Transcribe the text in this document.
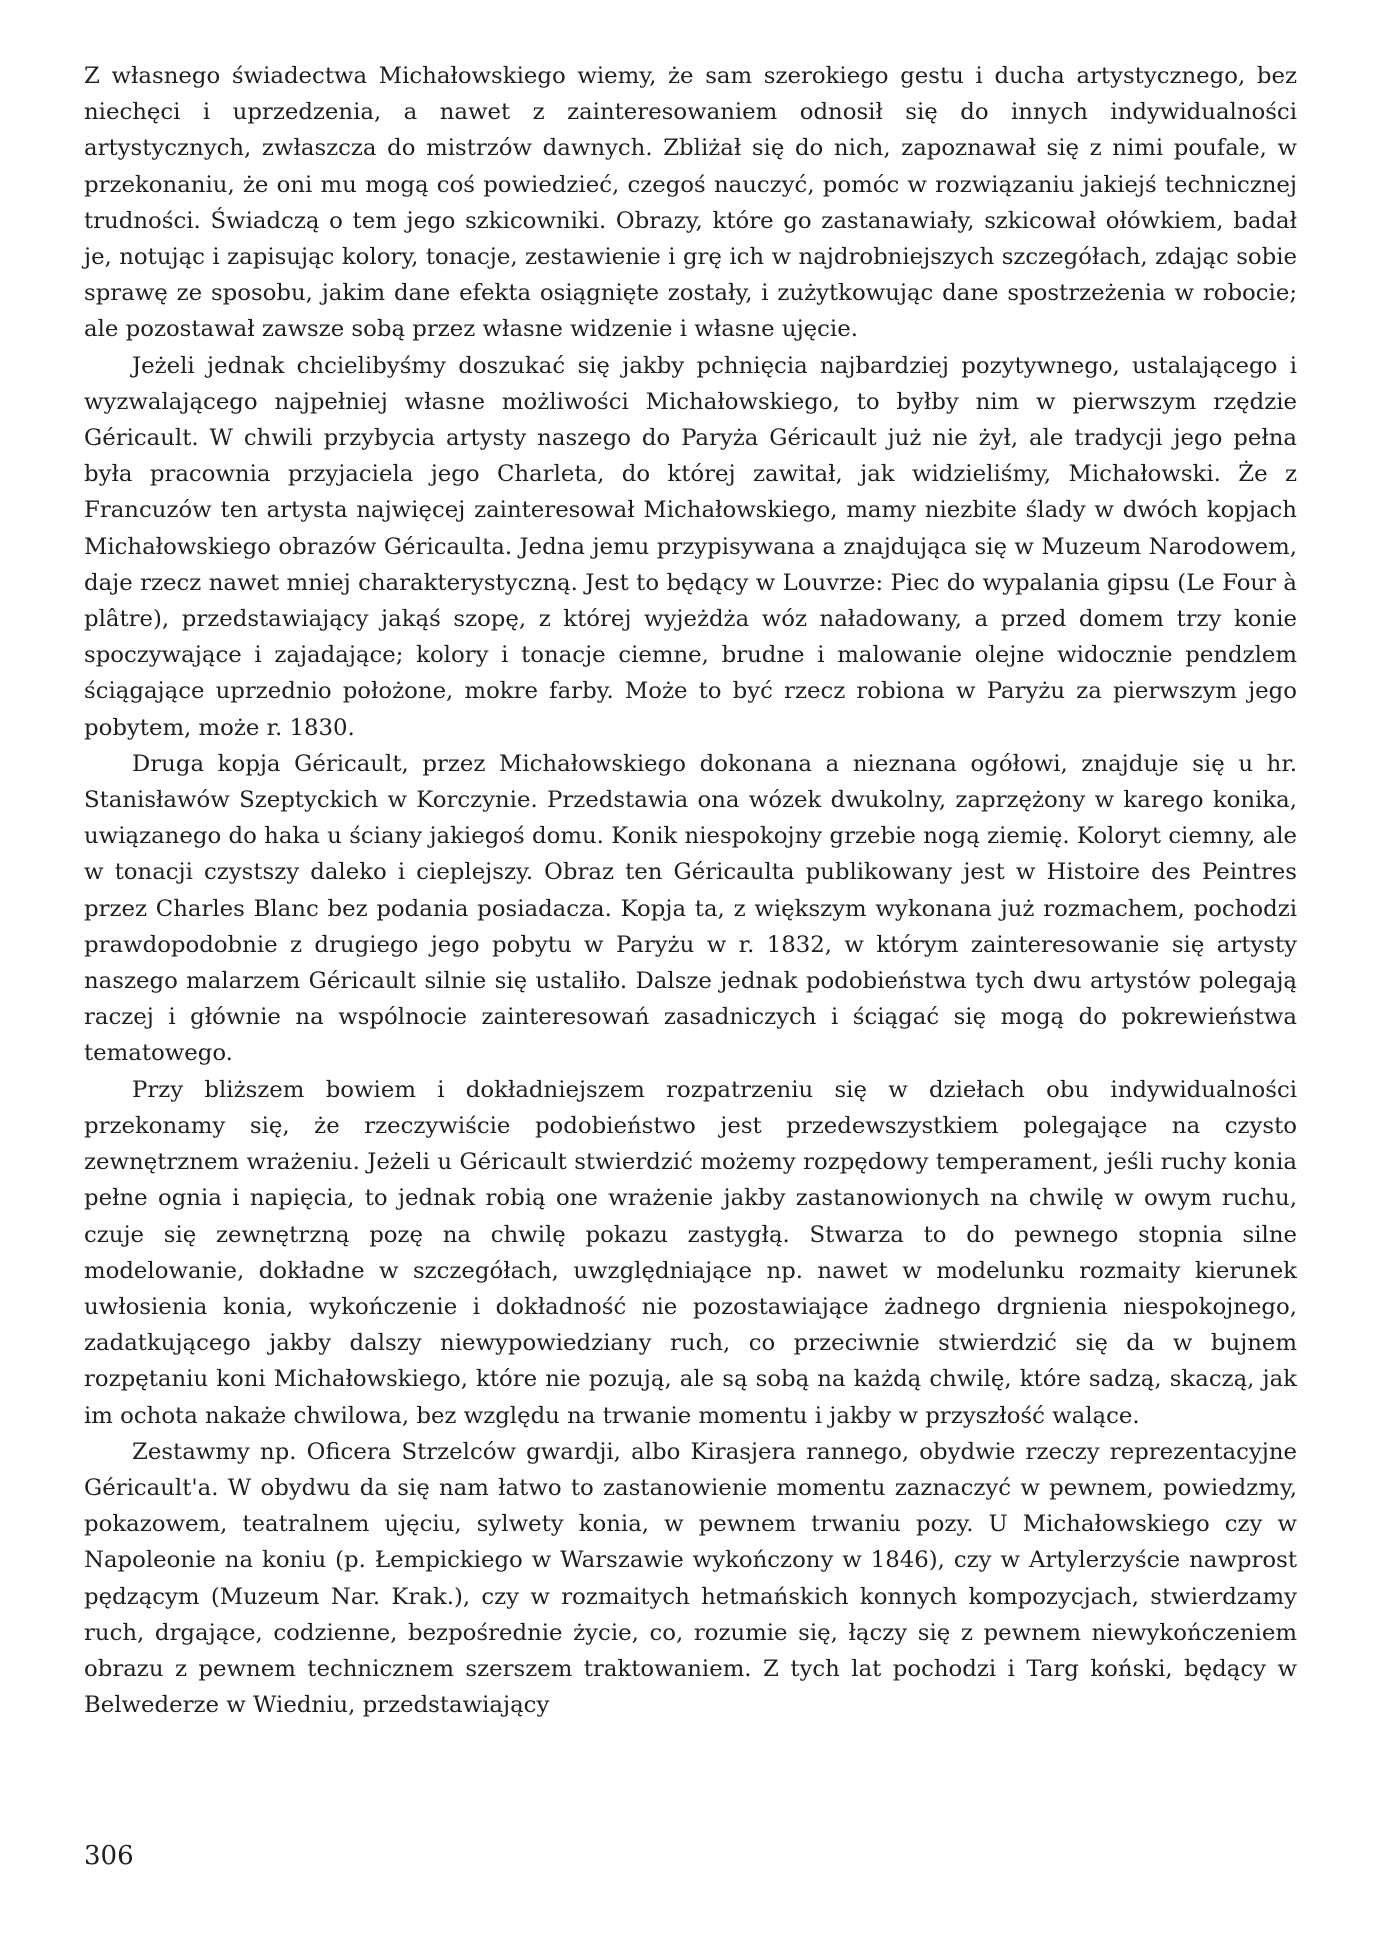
Z własnego świadectwa Michałowskiego wiemy, że sam szerokiego gestu i ducha artystycznego, bez niechęci i uprzedzenia, a nawet z zainteresowaniem odnosił się do innych indywidualności artystycznych, zwłaszcza do mistrzów dawnych. Zbliżał się do nich, zapoznawał się z nimi poufale, w przekonaniu, że oni mu mogą coś powiedzieć, czegoś nauczyć, pomóc w rozwiązaniu jakiejś technicznej trudności. Świadczą o tem jego szkicowniki. Obrazy, które go zastanawiały, szkicował ołówkiem, badał je, notując i zapisując kolory, tonacje, zestawienie i grę ich w najdrobniejszych szczegółach, zdając sobie sprawę ze sposobu, jakim dane efekta osiągnięte zostały, i zużytkowując dane spostrzeżenia w robocie; ale pozostawał zawsze sobą przez własne widzenie i własne ujęcie.

Jeżeli jednak chcielibyśmy doszukać się jakby pchnięcia najbardziej pozytywnego, ustalającego i wyzwalającego najpełniej własne możliwości Michałowskiego, to byłby nim w pierwszym rzędzie Géricault. W chwili przybycia artysty naszego do Paryża Géricault już nie żył, ale tradycji jego pełna była pracownia przyjaciela jego Charleta, do której zawitał, jak widzieliśmy, Michałowski. Że z Francuzów ten artysta najwięcej zainteresował Michałowskiego, mamy niezbite ślady w dwóch kopjach Michałowskiego obrazów Géricaulta. Jedna jemu przypisywana a znajdująca się w Muzeum Narodowem, daje rzecz nawet mniej charakterystyczną. Jest to będący w Louvrze: Piec do wypalania gipsu (Le Four à plâtre), przedstawiający jakąś szopę, z której wyjeżdża wóz naładowany, a przed domem trzy konie spoczywające i zajadające; kolory i tonacje ciemne, brudne i malowanie olejne widocznie pendzlem ściągające uprzednio położone, mokre farby. Może to być rzecz robiona w Paryżu za pierwszym jego pobytem, może r. 1830.

Druga kopja Géricault, przez Michałowskiego dokonana a nieznana ogółowi, znajduje się u hr. Stanisławów Szeptyckich w Korczynie. Przedstawia ona wózek dwukolny, zaprzężony w karego konika, uwiązanego do haka u ściany jakiegoś domu. Konik niespokojny grzebie nogą ziemię. Koloryt ciemny, ale w tonacji czystszy daleko i cieplejszy. Obraz ten Géricaulta publikowany jest w Histoire des Peintres przez Charles Blanc bez podania posiadacza. Kopja ta, z większym wykonana już rozmachem, pochodzi prawdopodobnie z drugiego jego pobytu w Paryżu w r. 1832, w którym zainteresowanie się artysty naszego malarzem Géricault silnie się ustaliło. Dalsze jednak podobieństwa tych dwu artystów polegają raczej i głównie na wspólnocie zainteresowań zasadniczych i ściągać się mogą do pokrewieństwa tematowego.

Przy bliższem bowiem i dokładniejszem rozpatrzeniu się w dziełach obu indywidualności przekonamy się, że rzeczywiście podobieństwo jest przedewszystkiem polegające na czysto zewnętrznem wrażeniu. Jeżeli u Géricault stwierdzić możemy rozpędowy temperament, jeśli ruchy konia pełne ognia i napięcia, to jednak robią one wrażenie jakby zastanowionych na chwilę w owym ruchu, czuje się zewnętrzną pozę na chwilę pokazu zastygłą. Stwarza to do pewnego stopnia silne modelowanie, dokładne w szczegółach, uwzględniające np. nawet w modelunku rozmaity kierunek uwłosienia konia, wykończenie i dokładność nie pozostawiające żadnego drgnienia niespokojnego, zadatkującego jakby dalszy niewypowiedziany ruch, co przeciwnie stwierdzić się da w bujnem rozpętaniu koni Michałowskiego, które nie pozują, ale są sobą na każdą chwilę, które sadzą, skaczą, jak im ochota nakaże chwilowa, bez względu na trwanie momentu i jakby w przyszłość walące.

Zestawmy np. Oficera Strzelców gwardji, albo Kirasjera rannego, obydwie rzeczy reprezentacyjne Géricault'a. W obydwu da się nam łatwo to zastanowienie momentu zaznaczyć w pewnem, powiedzmy, pokazowem, teatralnem ujęciu, sylwety konia, w pewnem trwaniu pozy. U Michałowskiego czy w Napoleonie na koniu (p. Łempickiego w Warszawie wykończony w 1846), czy w Artylerzyście nawprost pędzącym (Muzeum Nar. Krak.), czy w rozmaitych hetmańskich konnych kompozycjach, stwierdzamy ruch, drgające, codzienne, bezpośrednie życie, co, rozumie się, łączy się z pewnem niewykończeniem obrazu z pewnem technicznem szerszem traktowaniem. Z tych lat pochodzi i Targ koński, będący w Belwederze w Wiedniu, przedstawiający

306
